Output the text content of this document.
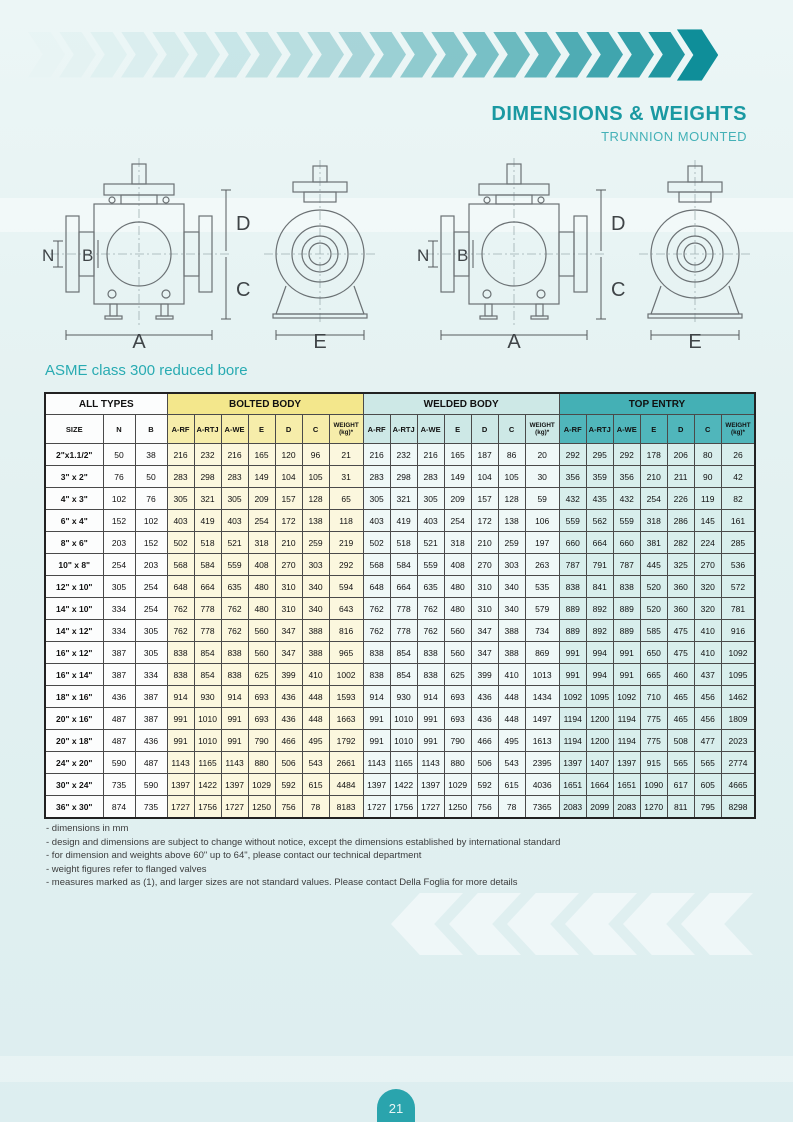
DIMENSIONS & WEIGHTS
TRUNNION MOUNTED
A
D
C
N B
E	A
D
C
N B
E
ASME class 300 reduced bore
ALL TYPES			BOLTED BODY							WELDED BODY							TOP ENTRY						
SIZE	N	B	A-RF	A-RTJ	A-WE	E	D	C	WEIGHT (kg)*	A-RF	A-RTJ	A-WE	E	D	C	WEIGHT (kg)*	A-RF	A-RTJ	A-WE	E	D	C	WEIGHT (kg)*
2"x1.1/2"	50	38	216	232	216	165	120	96	21	216	232	216	165	187	86	20	292	295	292	178	206	80	26
3" x 2"	76	50	283	298	283	149	104	105	31	283	298	283	149	104	105	30	356	359	356	210	211	90	42
4" x 3"	102	76	305	321	305	209	157	128	65	305	321	305	209	157	128	59	432	435	432	254	226	119	82
6" x 4"	152	102	403	419	403	254	172	138	118	403	419	403	254	172	138	106	559	562	559	318	286	145	161
8" x 6"	203	152	502	518	521	318	210	259	219	502	518	521	318	210	259	197	660	664	660	381	282	224	285
10" x 8"	254	203	568	584	559	408	270	303	292	568	584	559	408	270	303	263	787	791	787	445	325	270	536
12" x 10"	305	254	648	664	635	480	310	340	594	648	664	635	480	310	340	535	838	841	838	520	360	320	572
14" x 10"	334	254	762	778	762	480	310	340	643	762	778	762	480	310	340	579	889	892	889	520	360	320	781
14" x 12"	334	305	762	778	762	560	347	388	816	762	778	762	560	347	388	734	889	892	889	585	475	410	916
16" x 12"	387	305	838	854	838	560	347	388	965	838	854	838	560	347	388	869	991	994	991	650	475	410	1092
16" x 14"	387	334	838	854	838	625	399	410	1002	838	854	838	625	399	410	1013	991	994	991	665	460	437	1095
18" x 16"	436	387	914	930	914	693	436	448	1593	914	930	914	693	436	448	1434	1092	1095	1092	710	465	456	1462
20" x 16"	487	387	991	1010	991	693	436	448	1663	991	1010	991	693	436	448	1497	1194	1200	1194	775	465	456	1809
20" x 18"	487	436	991	1010	991	790	466	495	1792	991	1010	991	790	466	495	1613	1194	1200	1194	775	508	477	2023
24" x 20"	590	487	1143	1165	1143	880	506	543	2661	1143	1165	1143	880	506	543	2395	1397	1407	1397	915	565	565	2774
30" x 24"	735	590	1397	1422	1397	1029	592	615	4484	1397	1422	1397	1029	592	615	4036	1651	1664	1651	1090	617	605	4665
36" x 30"	874	735	1727	1756	1727	1250	756	78	8183	1727	1756	1727	1250	756	78	7365	2083	2099	2083	1270	811	795	8298
- dimensions in mm
- design and dimensions are subject to change without notice, except the dimensions established by international standard
- for dimension and weights above 60" up to 64", please contact our technical department
- weight figures refer to flanged valves
- measures marked as (1), and larger sizes are not standard values. Please contact Della Foglia for more details
21
